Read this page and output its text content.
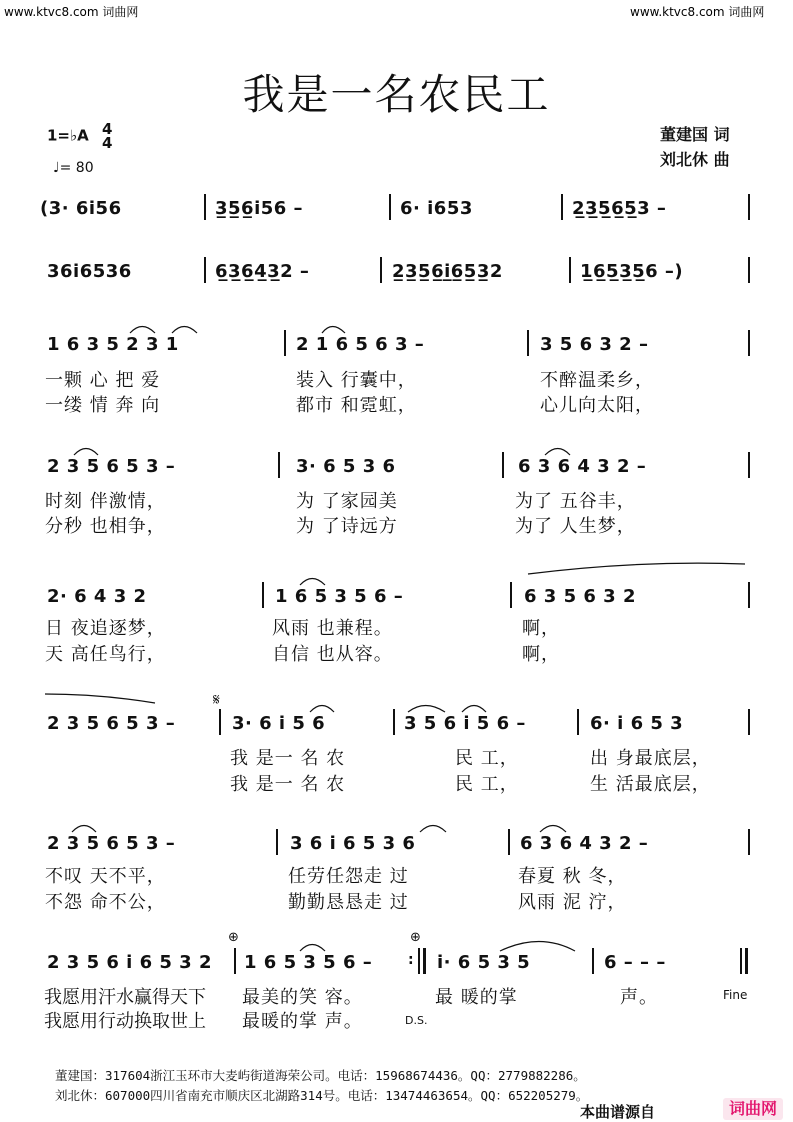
www.ktvc8.com 词曲网	www.ktvc8.com 词曲网
我是一名农民工
1=♭A 4
4
♩= 80
董建国 词
刘北休 曲
(3· 6i56	3̲5̲6̲i56 –	6· i653	2̲3̲5̲6̲5̲3 –
36i6536	6̲3̲6̲4̲3̲2 –	2̲3̲5̲6̲i̲6̲5̲3̲2	1̲6̲5̲3̲5̲6 –)
1 6 3 5 2 3 1	2 1 6 5 6 3 –	3 5 6 3 2 –
一颗 心 把 爱	装入 行囊中，	不醉温柔乡，
一缕 情 奔 向	都市 和霓虹，	心儿向太阳，
2 3 5 6 5 3 –	3· 6 5 3 6	6 3 6 4 3 2 –
时刻 伴激情，	为 了家园美	为了 五谷丰，
分秒 也相争，	为 了诗远方	为了 人生梦，
2· 6 4 3 2	1 6 5 3 5 6 –	6 3 5 6 3 2
日 夜追逐梦，	风雨 也兼程。	啊，
天 高任鸟行，	自信 也从容。	啊，
𝄋
2 3 5 6 5 3 –	3· 6 i 5 6	3 5 6 i 5 6 –	6· i 6 5 3
我 是一 名 农	民 工，	出 身最底层，
我 是一 名 农	民 工，	生 活最底层，
2 3 5 6 5 3 –	3 6 i 6 5 3 6	6 3 6 4 3 2 –
不叹 天不平，	任劳任怨走 过	春夏 秋 冬，
不怨 命不公，	勤勤恳恳走 过	风雨 泥 泞，
⊕	⊕
2 3 5 6 i 6 5 3 2 1 6 5 3 5 6 –	i· 6 5 3 5	6 – – –
:
我愿用汗水赢得天下 最美的笑 容。	最 暖的掌	声。	Fine
我愿用行动换取世上 最暖的掌 声。	D.S.
董建国：317604浙江玉环市大麦屿街道海荣公司。电话：15968674436。QQ：2779882286。
刘北休：607000四川省南充市顺庆区北湖路314号。电话：13474463654。QQ：652205279。
本曲谱源自	词曲网
